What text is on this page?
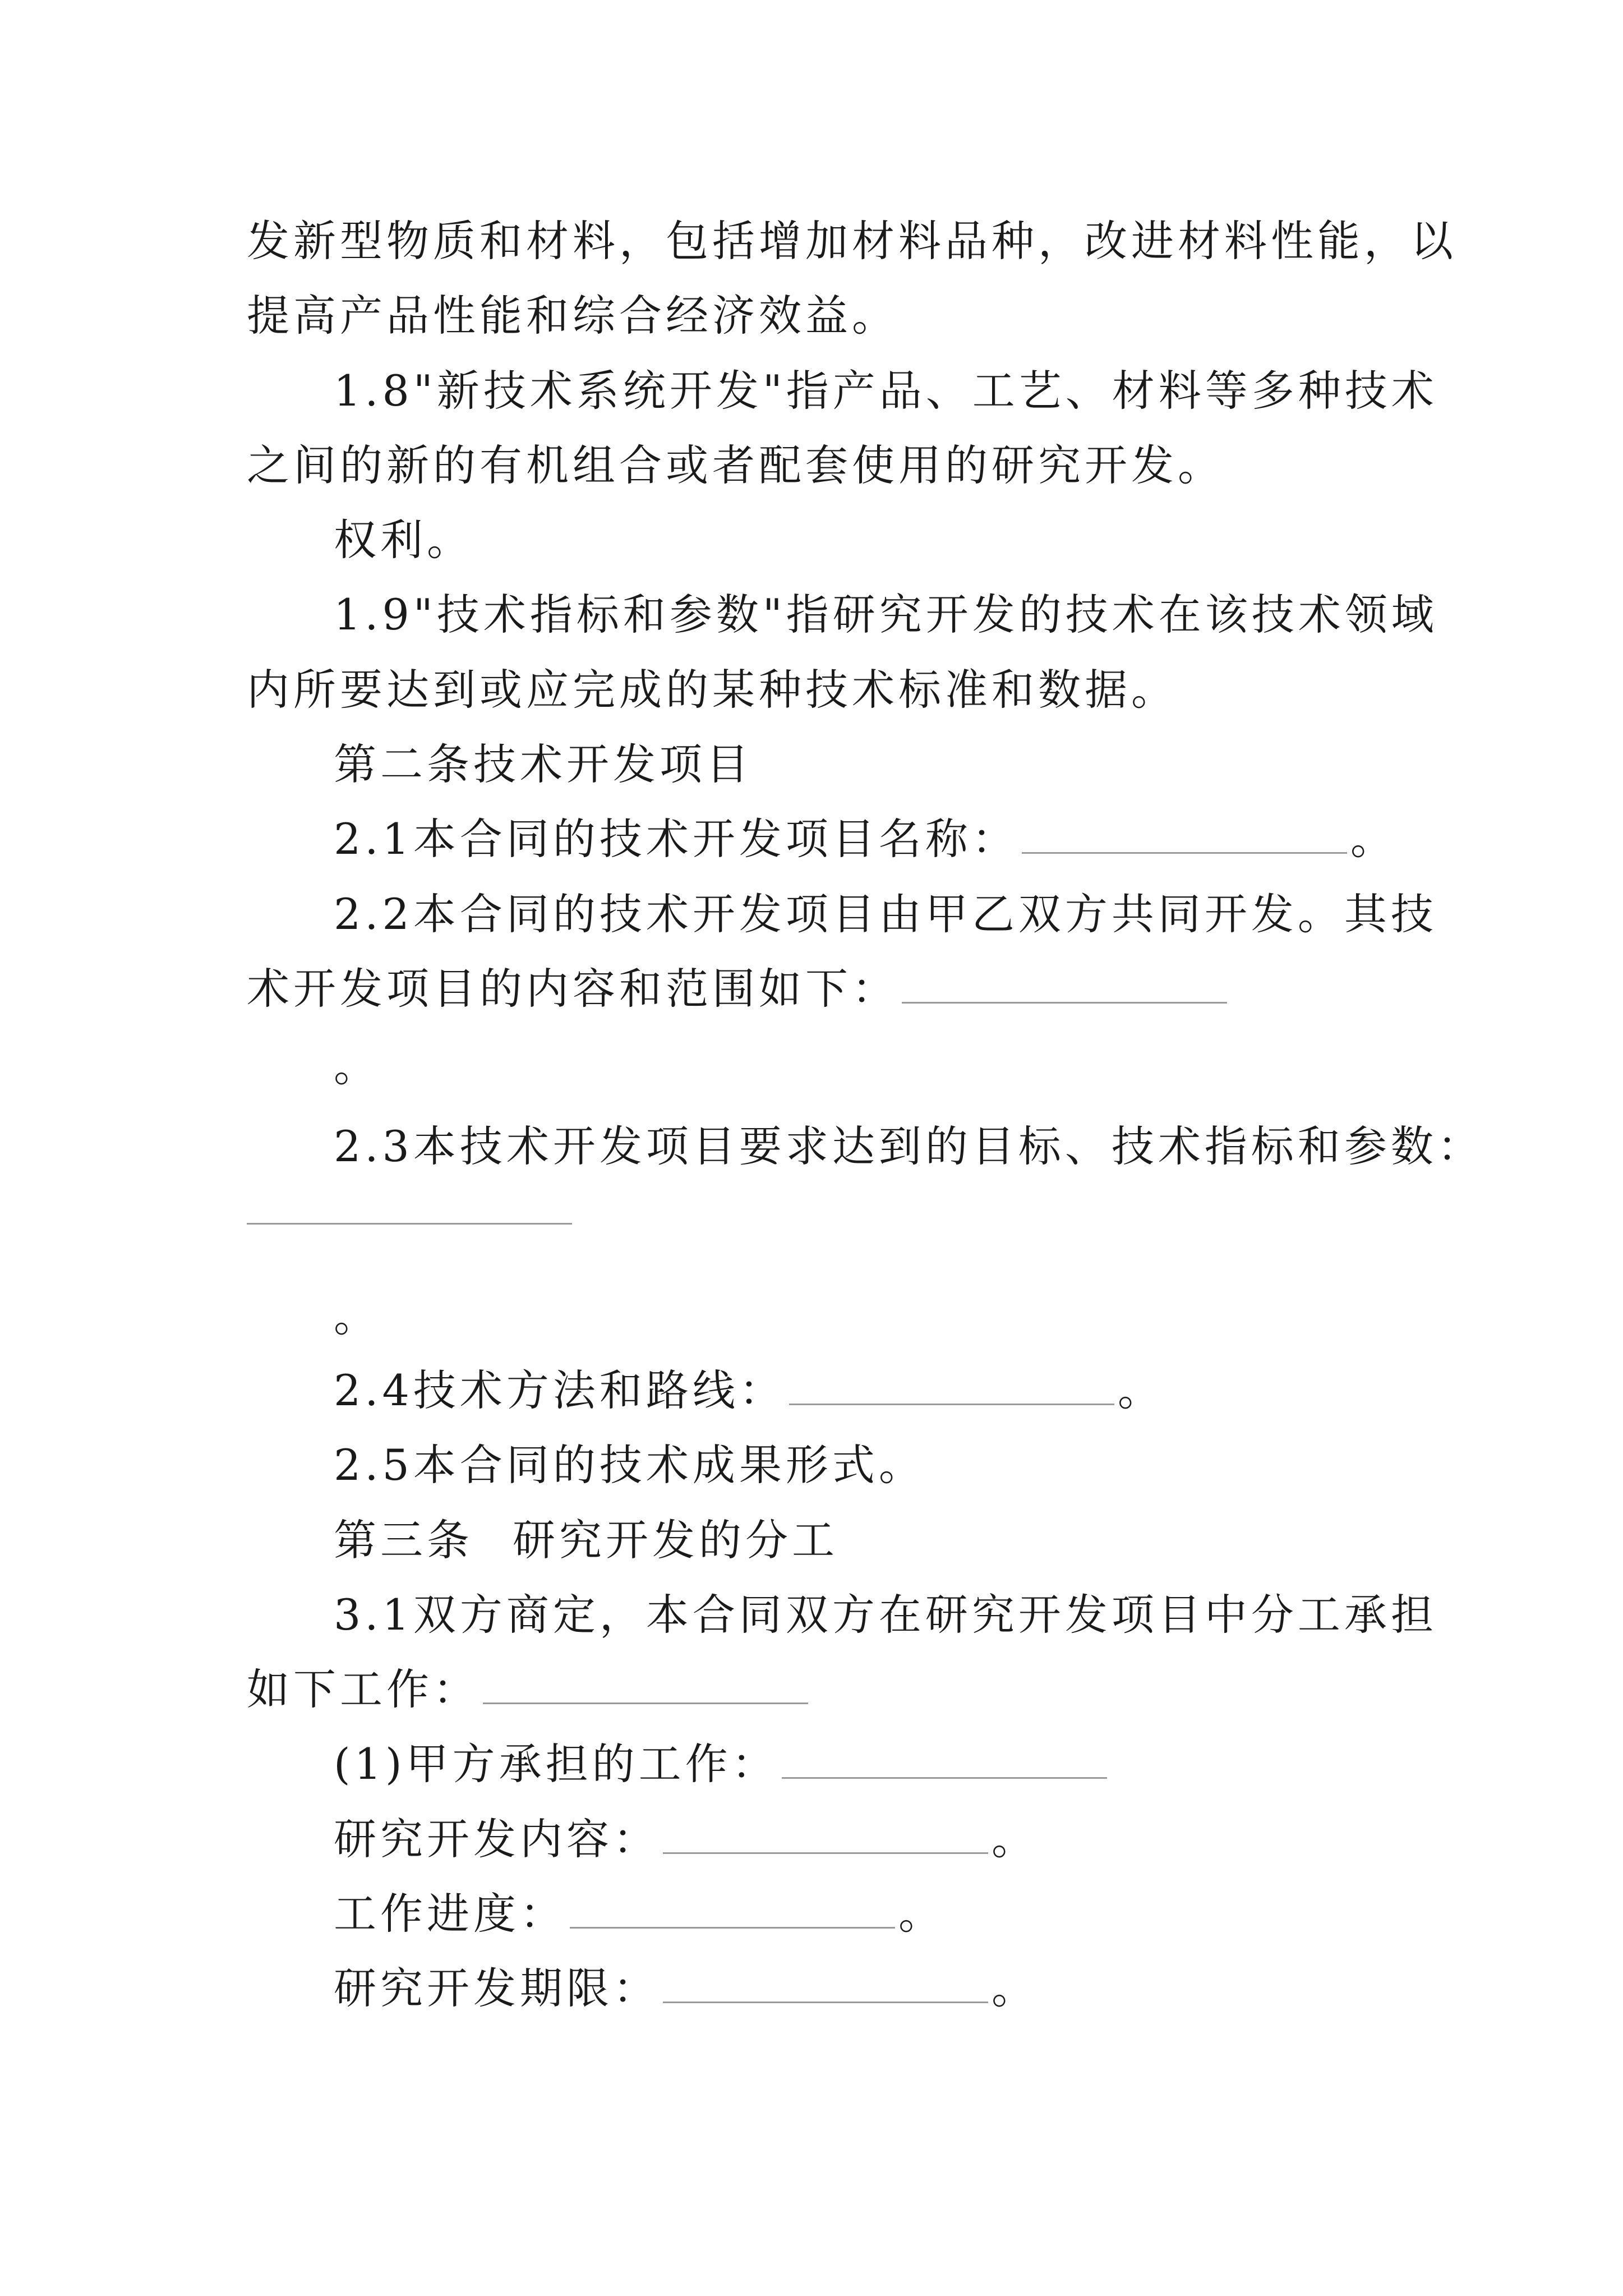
发新型物质和材料，包括增加材料品种，改进材料性能，以
提高产品性能和综合经济效益。
1.8"新技术系统开发"指产品、工艺、材料等多种技术
之间的新的有机组合或者配套使用的研究开发。
权利。
1.9"技术指标和参数"指研究开发的技术在该技术领域
内所要达到或应完成的某种技术标准和数据。
第二条技术开发项目
2.1本合同的技术开发项目名称：	。
2.2本合同的技术开发项目由甲乙双方共同开发。其技
术开发项目的内容和范围如下：
。
2.3本技术开发项目要求达到的目标、技术指标和参数：
。
2.4技术方法和路线：	。
2.5本合同的技术成果形式。
第三条 研究开发的分工
3.1双方商定，本合同双方在研究开发项目中分工承担
如下工作：
(1)甲方承担的工作：
研究开发内容：	。
工作进度：	。
研究开发期限：	。
